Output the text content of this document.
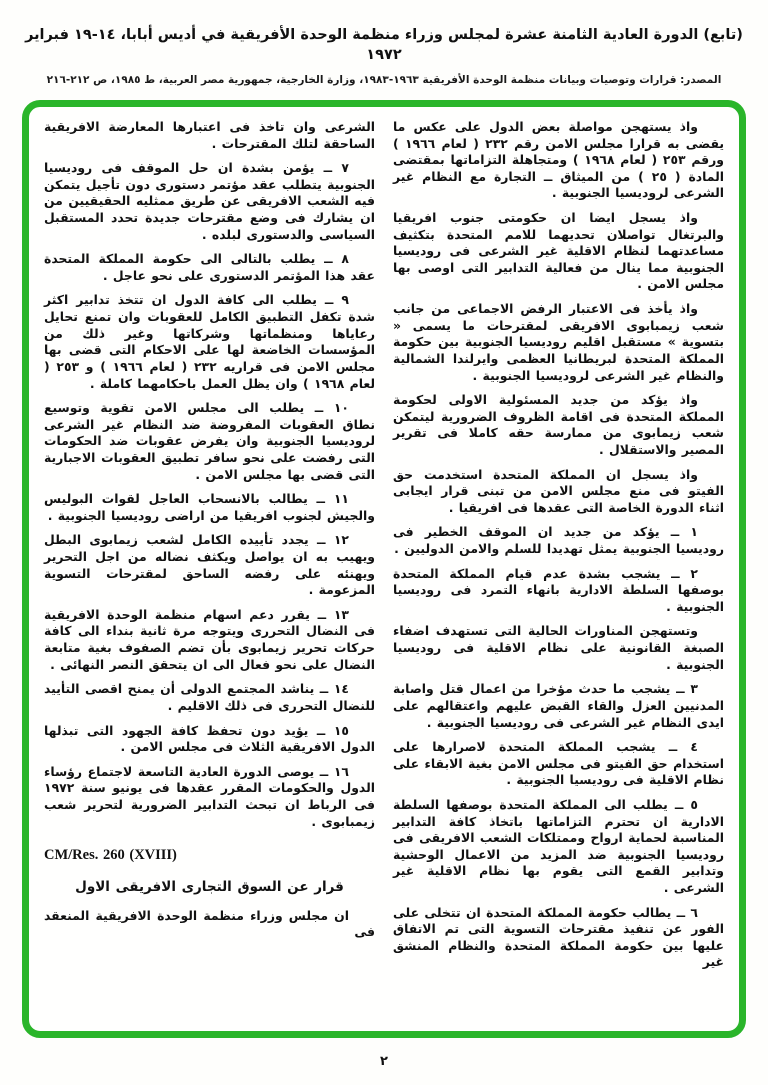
(تابع) الدورة العادية الثامنة عشرة لمجلس وزراء منظمة الوحدة الأفريقية في أديس أبابا، ١٤-١٩ فبراير ١٩٧٢
المصدر: قرارات وتوصيات وبيانات منظمة الوحدة الأفريقية ١٩٦٣-١٩٨٣، وزارة الخارجية، جمهورية مصر العربية، ط ١٩٨٥، ص ٢١٢-٢١٦

واذ يستهجن مواصلة بعض الدول على عكس ما يقضى به قرارا مجلس الامن رقم ٢٣٢ ( لعام ١٩٦٦ ) ورقم ٢٥٣ ( لعام ١٩٦٨ ) ومتجاهلة التزاماتها بمقتضى المادة ( ٢٥ ) من الميثاق ــ التجارة مع النظام غير الشرعى لروديسيا الجنوبية .

واذ يسجل ايضا ان حكومتى جنوب افريقيا والبرتغال تواصلان تحديهما للامم المتحدة بتكثيف مساعدتهما لنظام الاقلية غير الشرعى فى روديسيا الجنوبية مما ينال من فعالية التدابير التى اوصى بها مجلس الامن .

واذ يأخذ فى الاعتبار الرفض الاجماعى من جانب شعب زيمبابوى الافريقى لمقترحات ما يسمى « بتسوية » مستقبل اقليم روديسيا الجنوبية بين حكومة المملكة المتحدة لبريطانيا العظمى وايرلندا الشمالية والنظام غير الشرعى لروديسيا الجنوبية .

واذ يؤكد من جديد المسئولية الاولى لحكومة المملكة المتحدة فى اقامة الظروف الضرورية ليتمكن شعب زيمابوى من ممارسة حقه كاملا فى تقرير المصير والاستقلال .

واذ يسجل ان المملكة المتحدة استخدمت حق الفيتو فى منع مجلس الامن من تبنى قرار ايجابى اثناء الدورة الخاصة التى عقدها فى افريقيا .

١ ــ يؤكد من جديد ان الموقف الخطير فى روديسيا الجنوبية يمثل تهديدا للسلم والامن الدوليين .

٢ ــ يشجب بشدة عدم قيام المملكة المتحدة بوصفها السلطة الادارية بانهاء التمرد فى روديسيا الجنوبية .

وتستهجن المناورات الحالية التى تستهدف اضفاء الصبغة القانونية على نظام الاقلية فى روديسيا الجنوبية .

٣ ــ يشجب ما حدث مؤخرا من اعمال قتل واصابة المدنيين العزل والقاء القبض عليهم واعتقالهم على ايدى النظام غير الشرعى فى روديسيا الجنوبية .

٤ ــ يشجب المملكة المتحدة لاصرارها على استخدام حق الفيتو فى مجلس الامن بغية الابقاء على نظام الاقلية فى روديسيا الجنوبية .

٥ ــ يطلب الى المملكة المتحدة بوصفها السلطة الادارية ان تحترم التزاماتها باتخاذ كافة التدابير المناسبة لحماية ارواح وممتلكات الشعب الافريقى فى روديسيا الجنوبية ضد المزيد من الاعمال الوحشية وتدابير القمع التى يقوم بها نظام الاقلية غير الشرعى .

٦ ــ يطالب حكومة المملكة المتحدة ان تتخلى على الفور عن تنفيذ مقترحات التسوية التى تم الاتفاق عليها بين حكومة المملكة المتحدة والنظام المنشق غير

الشرعى وان تاخذ فى اعتبارها المعارضة الافريقية الساحقة لتلك المقترحات .

٧ ــ يؤمن بشدة ان حل الموقف فى روديسيا الجنوبية يتطلب عقد مؤتمر دستورى دون تأجيل يتمكن فيه الشعب الافريقى عن طريق ممثليه الحقيقيين من ان يشارك فى وضع مقترحات جديدة تحدد المستقبل السياسى والدستورى لبلده .

٨ ــ يطلب بالتالى الى حكومة المملكة المتحدة عقد هذا المؤتمر الدستورى على نحو عاجل .

٩ ــ يطلب الى كافة الدول ان تتخذ تدابير اكثر شدة تكفل التطبيق الكامل للعقوبات وان تمنع تحايل رعاياها ومنظماتها وشركاتها وغير ذلك من المؤسسات الخاضعة لها على الاحكام التى قضى بها مجلس الامن فى قراريه ٢٣٢ ( لعام ١٩٦٦ ) و ٢٥٣ ( لعام ١٩٦٨ ) وان يظل العمل باحكامهما كاملة .

١٠ ــ يطلب الى مجلس الامن تقوية وتوسيع نطاق العقوبات المفروضة ضد النظام غير الشرعى لروديسيا الجنوبية وان يفرض عقوبات ضد الحكومات التى رفضت على نحو سافر تطبيق العقوبات الاجبارية التى قضى بها مجلس الامن .

١١ ــ يطالب بالانسحاب العاجل لقوات البوليس والجيش لجنوب افريقيا من اراضى روديسيا الجنوبية .

١٢ ــ يجدد تأييده الكامل لشعب زيمابوى البطل ويهيب به ان يواصل ويكثف نضاله من اجل التحرير ويهنئه على رفضه الساحق لمقترحات التسوية المزعومة .

١٣ ــ يقرر دعم اسهام منظمة الوحدة الافريقية فى النضال التحررى ويتوجه مرة ثانية بنداء الى كافة حركات تحرير زيمابوى بأن تضم الصفوف بغية متابعة النضال على نحو فعال الى ان يتحقق النصر النهائى .

١٤ ــ يناشد المجتمع الدولى أن يمنح اقصى التأييد للنضال التحررى فى ذلك الاقليم .

١٥ ــ يؤيد دون تحفظ كافة الجهود التى تبذلها الدول الافريقية الثلاث فى مجلس الامن .

١٦ ــ يوصى الدورة العادية التاسعة لاجتماع رؤساء الدول والحكومات المقرر عقدها فى يونيو سنة ١٩٧٢ فى الرباط ان تبحث التدابير الضرورية لتحرير شعب زيمبابوى .

CM/Res. 260 (XVIII)

قرار عن السوق التجارى الافريقى الاول

ان مجلس وزراء منظمة الوحدة الافريقية المنعقد فى

٢
